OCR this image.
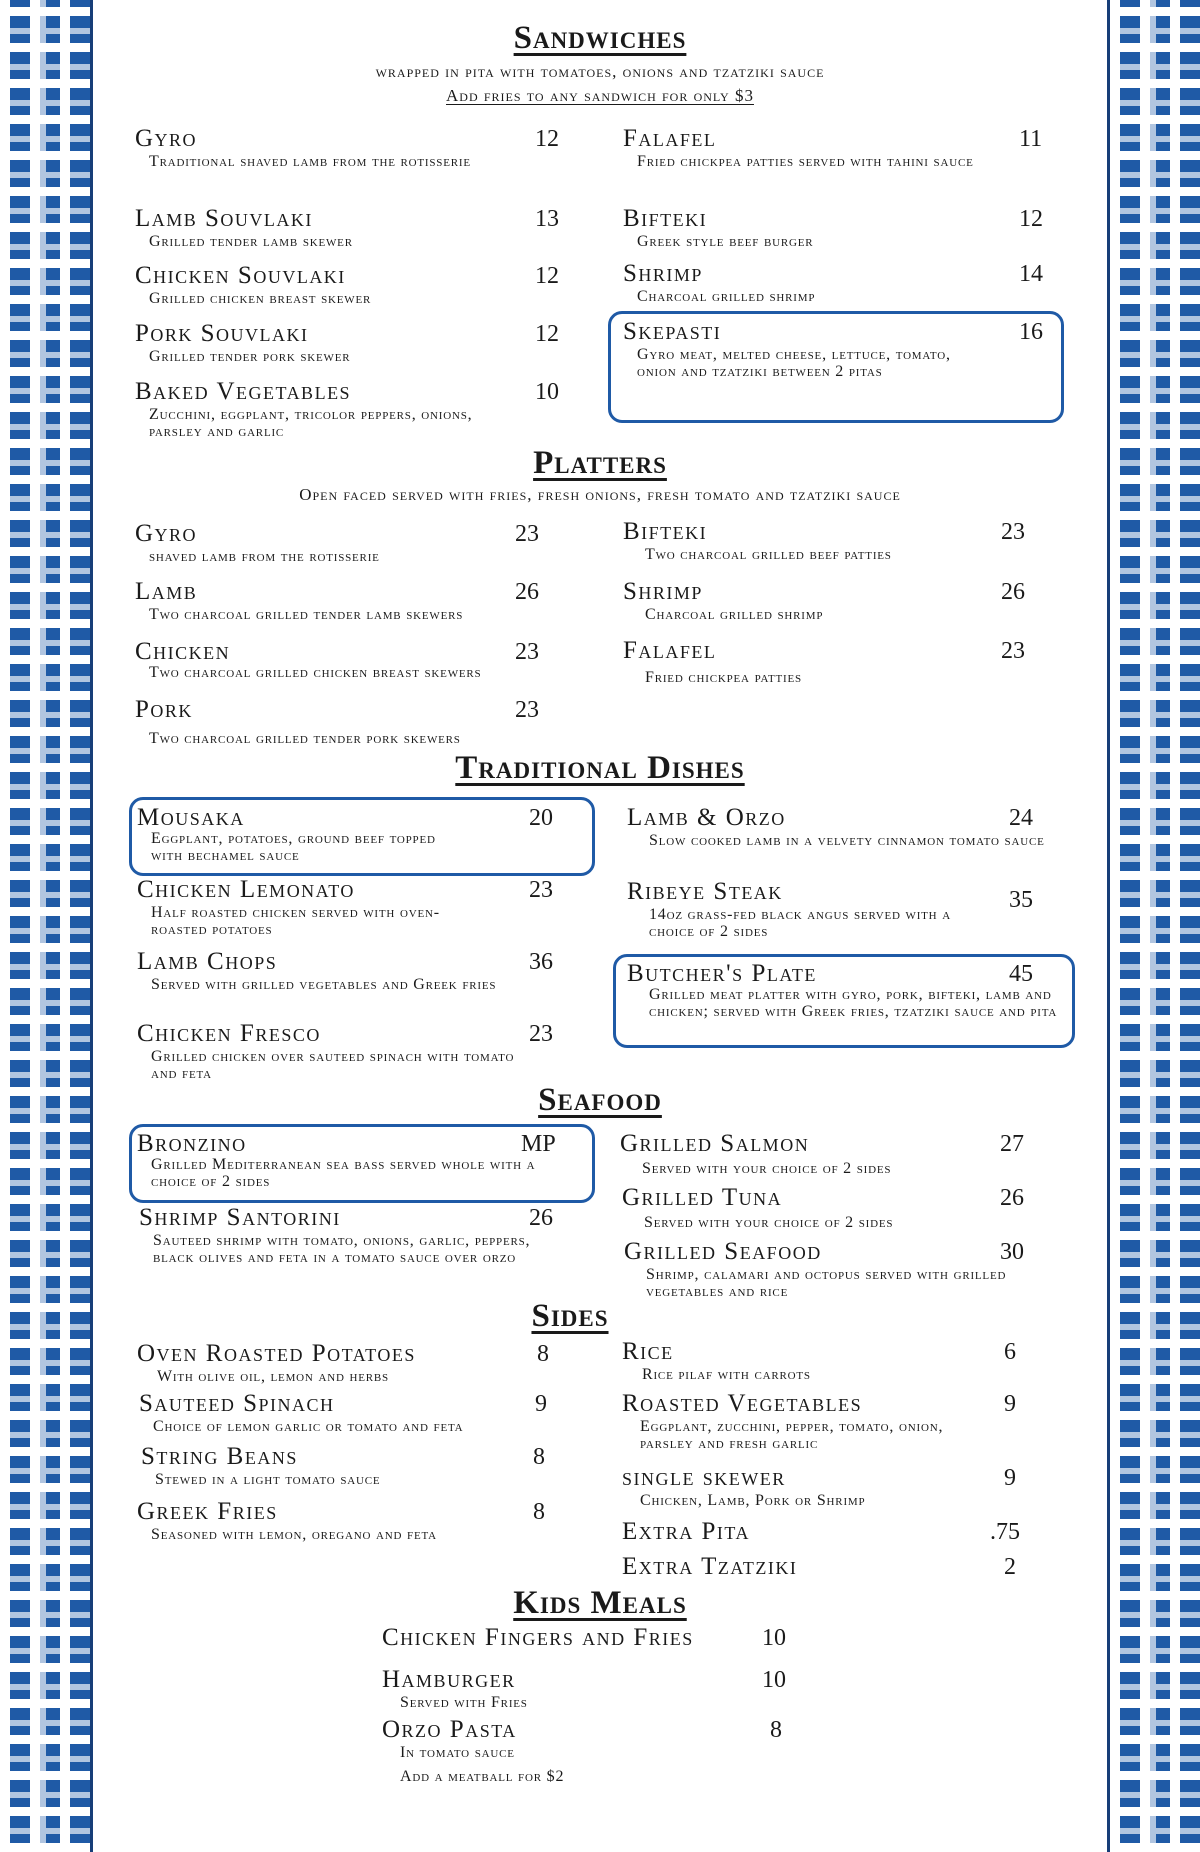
Sandwiches
wrapped in pita with tomatoes, onions and tzatziki sauce
Add fries to any sandwich for only $3
Gyro	12
Traditional shaved lamb from the rotisserie
Lamb Souvlaki	13
Grilled tender lamb skewer
Chicken Souvlaki	12
Grilled chicken breast skewer
Pork Souvlaki	12
Grilled tender pork skewer
Baked Vegetables	10
Zucchini, eggplant, tricolor peppers, onions, parsley and garlic
Falafel	11
Fried chickpea patties served with tahini sauce
Bifteki	12
Greek style beef burger
Shrimp	14
Charcoal grilled shrimp
Skepasti	16
Gyro meat, melted cheese, lettuce, tomato, onion and tzatziki between 2 pitas
Platters
Open faced served with fries, fresh onions, fresh tomato and tzatziki sauce
Gyro	23
shaved lamb from the rotisserie
Lamb	26
Two charcoal grilled tender lamb skewers
Chicken	23
Two charcoal grilled chicken breast skewers
Pork	23
Two charcoal grilled tender pork skewers
Bifteki	23
Two charcoal grilled beef patties
Shrimp	26
Charcoal grilled shrimp
Falafel	23
Fried chickpea patties
Traditional Dishes
Mousaka	20
Eggplant, potatoes, ground beef topped with bechamel sauce
Chicken Lemonato	23
Half roasted chicken served with oven-roasted potatoes
Lamb Chops	36
Served with grilled vegetables and Greek fries
Chicken Fresco	23
Grilled chicken over sauteed spinach with tomato and feta
Lamb & Orzo	24
Slow cooked lamb in a velvety cinnamon tomato sauce
Ribeye Steak	35
14oz grass-fed black angus served with a choice of 2 sides
Butcher's Plate	45
Grilled meat platter with gyro, pork, bifteki, lamb and chicken; served with Greek fries, tzatziki sauce and pita
Seafood
Bronzino	MP
Grilled Mediterranean sea bass served whole with a choice of 2 sides
Shrimp Santorini	26
Sauteed shrimp with tomato, onions, garlic, peppers, black olives and feta in a tomato sauce over orzo
Grilled Salmon	27
Served with your choice of 2 sides
Grilled Tuna	26
Served with your choice of 2 sides
Grilled Seafood	30
Shrimp, calamari and octopus served with grilled vegetables and rice
Sides
Oven Roasted Potatoes	8
With olive oil, lemon and herbs
Sauteed Spinach	9
Choice of lemon garlic or tomato and feta
String Beans	8
Stewed in a light tomato sauce
Greek Fries	8
Seasoned with lemon, oregano and feta
Rice	6
Rice pilaf with carrots
Roasted Vegetables	9
Eggplant, zucchini, pepper, tomato, onion, parsley and fresh garlic
single skewer	9
Chicken, Lamb, Pork or Shrimp
Extra Pita	.75
Extra Tzatziki	2
Kids Meals
Chicken Fingers and Fries	10
Hamburger	10
Served with Fries
Orzo Pasta	8
In tomato sauce
Add a meatball for $2
